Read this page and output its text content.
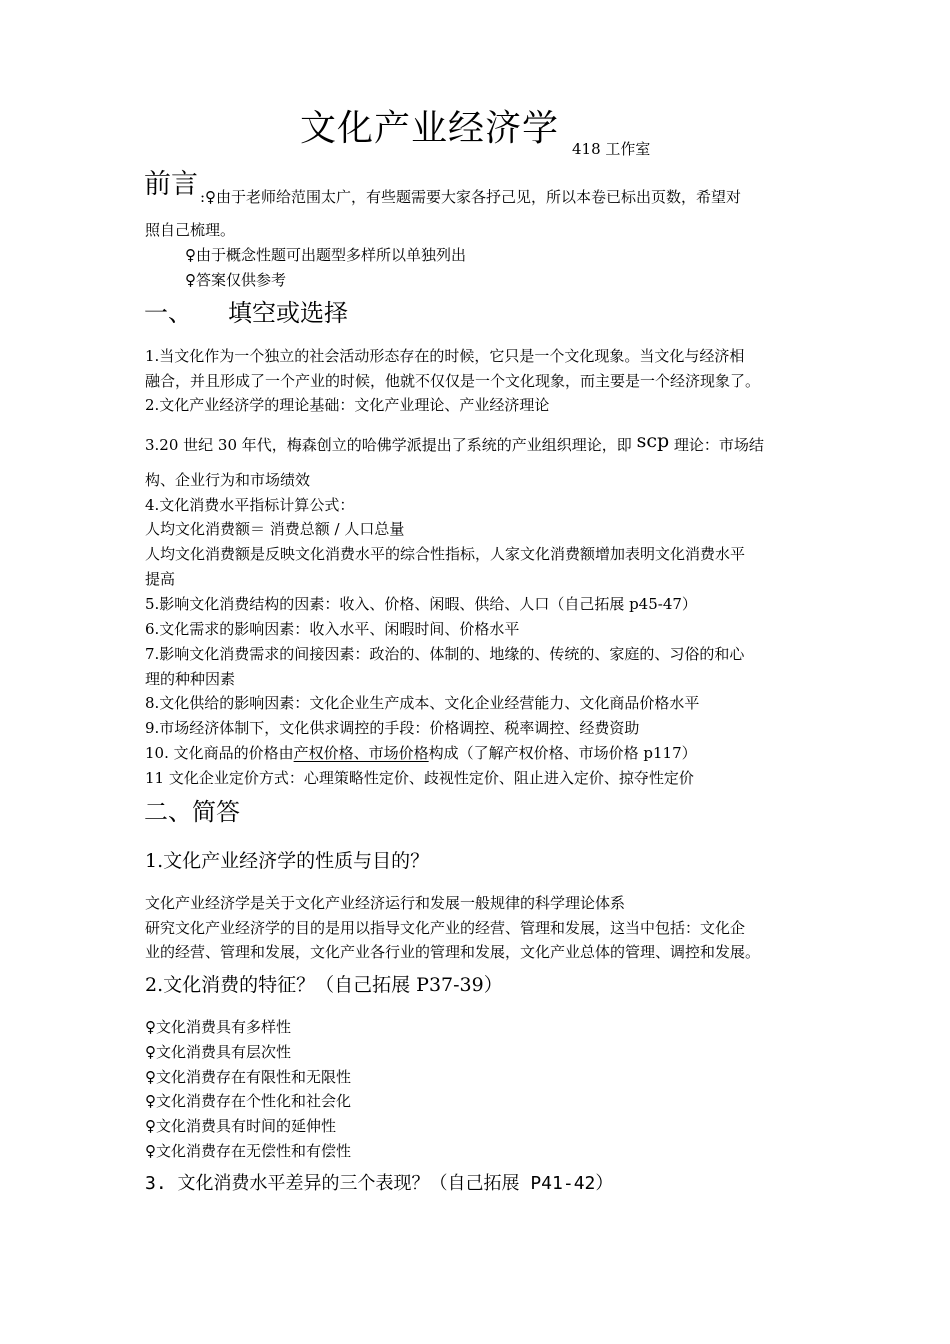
文化产业经济学 418 工作室
前言 :♀由于老师给范围太广，有些题需要大家各抒己见，所以本卷已标出页数，希望对
照自己梳理。
♀由于概念性题可出题型多样所以单独列出
♀答案仅供参考
一、 填空或选择
1.当文化作为一个独立的社会活动形态存在的时候，它只是一个文化现象。当文化与经济相
融合，并且形成了一个产业的时候，他就不仅仅是一个文化现象，而主要是一个经济现象了。
2.文化产业经济学的理论基础：文化产业理论、产业经济理论
3.20 世纪 30 年代，梅森创立的哈佛学派提出了系统的产业组织理论，即 scp 理论：市场结
构、企业行为和市场绩效
4.文化消费水平指标计算公式：
人均文化消费额＝ 消费总额 / 人口总量
人均文化消费额是反映文化消费水平的综合性指标，人家文化消费额增加表明文化消费水平
提高
5.影响文化消费结构的因素：收入、价格、闲暇、供给、人口（自己拓展 p45-47）
6.文化需求的影响因素：收入水平、闲暇时间、价格水平
7.影响文化消费需求的间接因素：政治的、体制的、地缘的、传统的、家庭的、习俗的和心
理的种种因素
8.文化供给的影响因素：文化企业生产成本、文化企业经营能力、文化商品价格水平
9.市场经济体制下，文化供求调控的手段：价格调控、税率调控、经费资助
10. 文化商品的价格由产权价格、市场价格构成（了解产权价格、市场价格 p117）
11 文化企业定价方式：心理策略性定价、歧视性定价、阻止进入定价、掠夺性定价
二、简答
1.文化产业经济学的性质与目的？
文化产业经济学是关于文化产业经济运行和发展一般规律的科学理论体系
研究文化产业经济学的目的是用以指导文化产业的经营、管理和发展，这当中包括：文化企
业的经营、管理和发展，文化产业各行业的管理和发展，文化产业总体的管理、调控和发展。
2.文化消费的特征？（自己拓展 P37-39）
♀文化消费具有多样性
♀文化消费具有层次性
♀文化消费存在有限性和无限性
♀文化消费存在个性化和社会化
♀文化消费具有时间的延伸性
♀文化消费存在无偿性和有偿性
3. 文化消费水平差异的三个表现？（自己拓展 P41-42）
